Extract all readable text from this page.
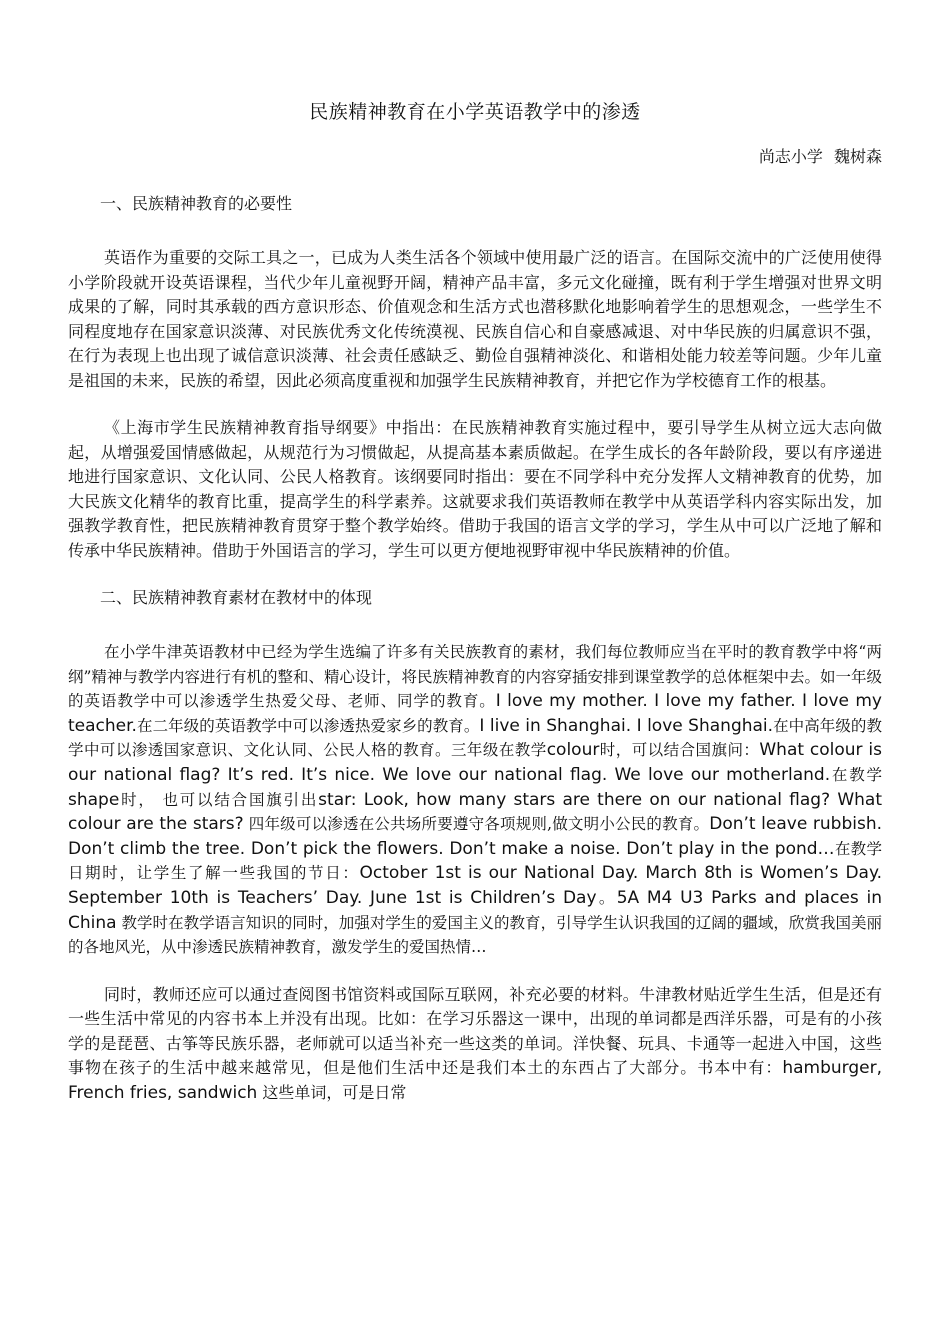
民族精神教育在小学英语教学中的渗透
尚志小学 魏树森
一、民族精神教育的必要性

英语作为重要的交际工具之一，已成为人类生活各个领域中使用最广泛的语言。在国际交流中的广泛使用使得小学阶段就开设英语课程，当代少年儿童视野开阔，精神产品丰富，多元文化碰撞，既有利于学生增强对世界文明成果的了解，同时其承载的西方意识形态、价值观念和生活方式也潜移默化地影响着学生的思想观念，一些学生不同程度地存在国家意识淡薄、对民族优秀文化传统漠视、民族自信心和自豪感减退、对中华民族的归属意识不强，在行为表现上也出现了诚信意识淡薄、社会责任感缺乏、勤俭自强精神淡化、和谐相处能力较差等问题。少年儿童是祖国的未来，民族的希望，因此必须高度重视和加强学生民族精神教育，并把它作为学校德育工作的根基。

《上海市学生民族精神教育指导纲要》中指出：在民族精神教育实施过程中，要引导学生从树立远大志向做起，从增强爱国情感做起，从规范行为习惯做起，从提高基本素质做起。在学生成长的各年龄阶段，要以有序递进地进行国家意识、文化认同、公民人格教育。该纲要同时指出：要在不同学科中充分发挥人文精神教育的优势，加大民族文化精华的教育比重，提高学生的科学素养。这就要求我们英语教师在教学中从英语学科内容实际出发，加强教学教育性，把民族精神教育贯穿于整个教学始终。借助于我国的语言文学的学习，学生从中可以广泛地了解和传承中华民族精神。借助于外国语言的学习，学生可以更方便地视野审视中华民族精神的价值。

二、民族精神教育素材在教材中的体现

在小学牛津英语教材中已经为学生选编了许多有关民族教育的素材，我们每位教师应当在平时的教育教学中将“两纲”精神与教学内容进行有机的整和、精心设计，将民族精神教育的内容穿插安排到课堂教学的总体框架中去。如一年级的英语教学中可以渗透学生热爱父母、老师、同学的教育。I love my mother. I love my father. I love my teacher.在二年级的英语教学中可以渗透热爱家乡的教育。I live in Shanghai. I love Shanghai.在中高年级的教学中可以渗透国家意识、文化认同、公民人格的教育。三年级在教学colour时，可以结合国旗问：What colour is our national flag? It’s red. It’s nice. We love our national flag. We love our motherland.在教学shape时， 也可以结合国旗引出star: Look, how many stars are there on our national flag? What colour are the stars? 四年级可以渗透在公共场所要遵守各项规则,做文明小公民的教育。Don’t leave rubbish. Don’t climb the tree. Don’t pick the flowers. Don’t make a noise. Don’t play in the pond…在教学日期时，让学生了解一些我国的节日：October 1st is our National Day. March 8th is Women’s Day. September 10th is Teachers’ Day. June 1st is Children’s Day。5A M4 U3 Parks and places in China 教学时在教学语言知识的同时，加强对学生的爱国主义的教育，引导学生认识我国的辽阔的疆域，欣赏我国美丽的各地风光，从中渗透民族精神教育，激发学生的爱国热情…

同时，教师还应可以通过查阅图书馆资料或国际互联网，补充必要的材料。牛津教材贴近学生生活，但是还有一些生活中常见的内容书本上并没有出现。比如：在学习乐器这一课中，出现的单词都是西洋乐器，可是有的小孩学的是琵琶、古筝等民族乐器，老师就可以适当补充一些这类的单词。洋快餐、玩具、卡通等一起进入中国，这些事物在孩子的生活中越来越常见，但是他们生活中还是我们本土的东西占了大部分。书本中有：hamburger, French fries, sandwich 这些单词，可是日常
